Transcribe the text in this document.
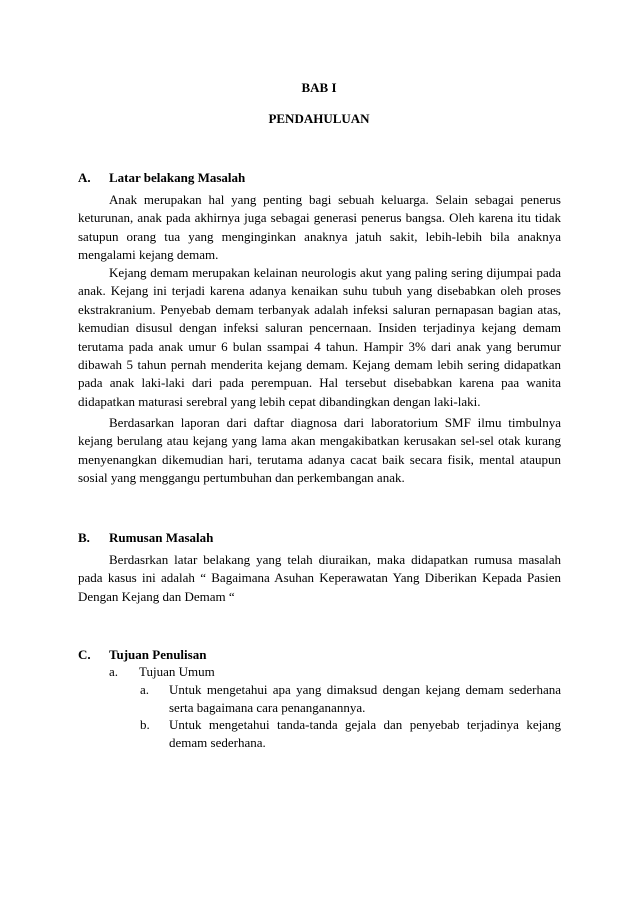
BAB I
PENDAHULUAN
A. Latar belakang Masalah

Anak merupakan hal yang penting bagi sebuah keluarga. Selain sebagai penerus keturunan, anak pada akhirnya juga sebagai generasi penerus bangsa. Oleh karena itu tidak satupun orang tua yang menginginkan anaknya jatuh sakit, lebih-lebih bila anaknya mengalami kejang demam.

Kejang demam merupakan kelainan neurologis akut yang paling sering dijumpai pada anak. Kejang ini terjadi karena adanya kenaikan suhu tubuh yang disebabkan oleh proses ekstrakranium. Penyebab demam terbanyak adalah infeksi saluran pernapasan bagian atas, kemudian disusul dengan infeksi saluran pencernaan. Insiden terjadinya kejang demam terutama pada anak umur 6 bulan ssampai 4 tahun. Hampir 3% dari anak yang berumur dibawah 5 tahun pernah menderita kejang demam. Kejang demam lebih sering didapatkan pada anak laki-laki dari pada perempuan. Hal tersebut disebabkan karena paa wanita didapatkan maturasi serebral yang lebih cepat dibandingkan dengan laki-laki.

Berdasarkan laporan dari daftar diagnosa dari laboratorium SMF ilmu timbulnya kejang berulang atau kejang yang lama akan mengakibatkan kerusakan sel-sel otak kurang menyenangkan dikemudian hari, terutama adanya cacat baik secara fisik, mental ataupun sosial yang menggangu pertumbuhan dan perkembangan anak.

B. Rumusan Masalah

Berdasrkan latar belakang yang telah diuraikan, maka didapatkan rumusa masalah pada kasus ini adalah “ Bagaimana Asuhan Keperawatan Yang Diberikan Kepada Pasien Dengan Kejang dan Demam “

C. Tujuan Penulisan
a. Tujuan Umum
a. Untuk mengetahui apa yang dimaksud dengan kejang demam sederhana serta bagaimana cara penanganannya.
b. Untuk mengetahui tanda-tanda gejala dan penyebab terjadinya kejang demam sederhana.
